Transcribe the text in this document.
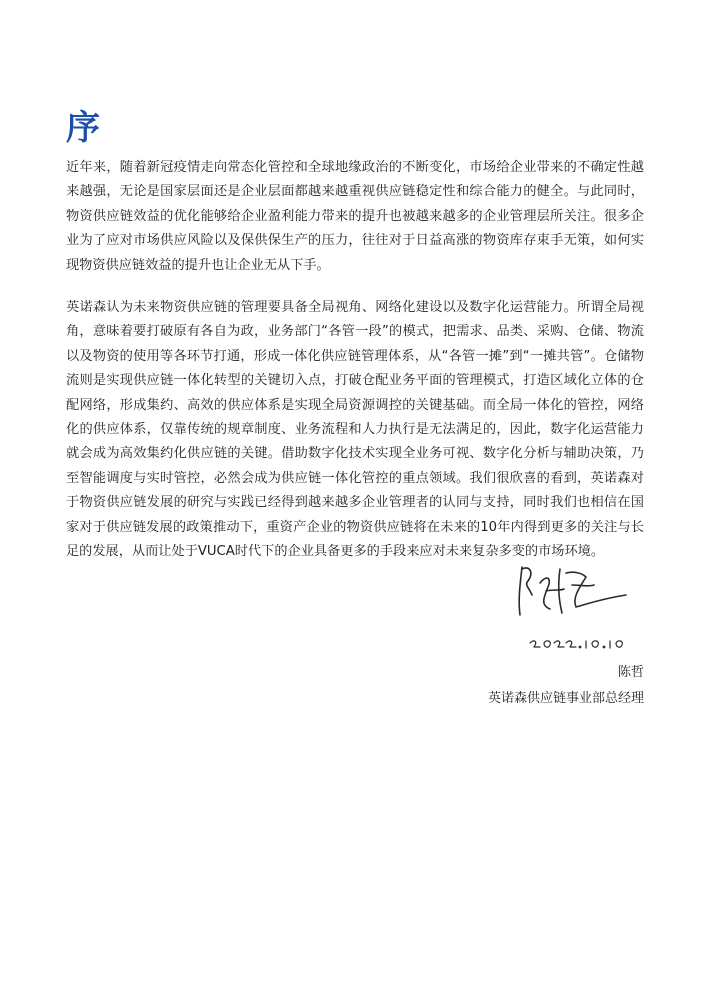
序

近年来，随着新冠疫情走向常态化管控和全球地缘政治的不断变化，市场给企业带来的不确定性越来越强，无论是国家层面还是企业层面都越来越重视供应链稳定性和综合能力的健全。与此同时，物资供应链效益的优化能够给企业盈利能力带来的提升也被越来越多的企业管理层所关注。很多企业为了应对市场供应风险以及保供保生产的压力，往往对于日益高涨的物资库存束手无策，如何实现物资供应链效益的提升也让企业无从下手。

英诺森认为未来物资供应链的管理要具备全局视角、网络化建设以及数字化运营能力。所谓全局视角，意味着要打破原有各自为政，业务部门“各管一段”的模式，把需求、品类、采购、仓储、物流以及物资的使用等各环节打通，形成一体化供应链管理体系，从“各管一摊”到“一摊共管”。仓储物流则是实现供应链一体化转型的关键切入点，打破仓配业务平面的管理模式，打造区域化立体的仓配网络，形成集约、高效的供应体系是实现全局资源调控的关键基础。而全局一体化的管控，网络化的供应体系，仅靠传统的规章制度、业务流程和人力执行是无法满足的，因此，数字化运营能力就会成为高效集约化供应链的关键。借助数字化技术实现全业务可视、数字化分析与辅助决策，乃至智能调度与实时管控，必然会成为供应链一体化管控的重点领域。我们很欣喜的看到，英诺森对于物资供应链发展的研究与实践已经得到越来越多企业管理者的认同与支持，同时我们也相信在国家对于供应链发展的政策推动下，重资产企业的物资供应链将在未来的10年内得到更多的关注与长足的发展，从而让处于VUCA时代下的企业具备更多的手段来应对未来复杂多变的市场环境。

陈哲
英诺森供应链事业部总经理
